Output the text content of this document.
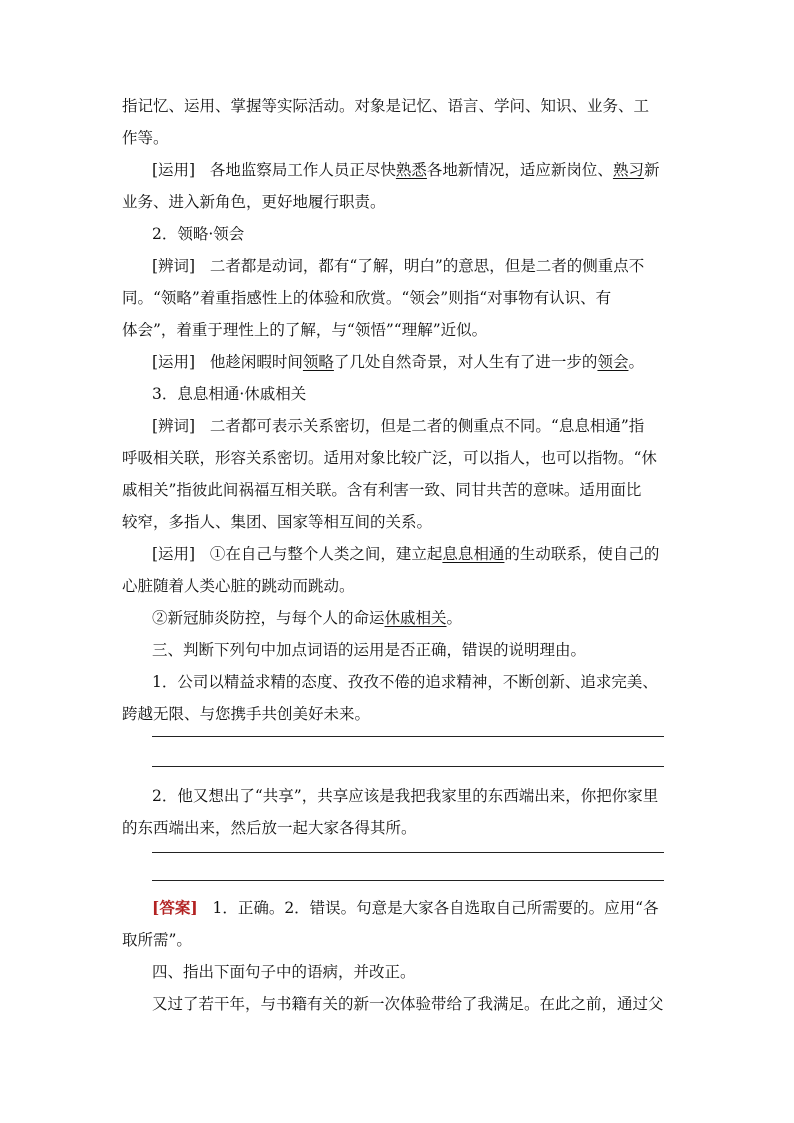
指记忆、运用、掌握等实际活动。对象是记忆、语言、学问、知识、业务、工
作等。
[运用] 各地监察局工作人员正尽快熟悉各地新情况，适应新岗位、熟习新
业务、进入新角色，更好地履行职责。
2．领略·领会
[辨词] 二者都是动词，都有“了解，明白”的意思，但是二者的侧重点不
同。“领略”着重指感性上的体验和欣赏。“领会”则指“对事物有认识、有
体会”，着重于理性上的了解，与“领悟”“理解”近似。
[运用] 他趁闲暇时间领略了几处自然奇景，对人生有了进一步的领会。
3．息息相通·休戚相关
[辨词] 二者都可表示关系密切，但是二者的侧重点不同。“息息相通”指
呼吸相关联，形容关系密切。适用对象比较广泛，可以指人，也可以指物。“休
戚相关”指彼此间祸福互相关联。含有利害一致、同甘共苦的意味。适用面比
较窄，多指人、集团、国家等相互间的关系。
[运用] ①在自己与整个人类之间，建立起息息相通的生动联系，使自己的
心脏随着人类心脏的跳动而跳动。
②新冠肺炎防控，与每个人的命运休戚相关。
三、判断下列句中加点词语的运用是否正确，错误的说明理由。
1．公司以精益求精的态度、孜孜不倦的追求精神，不断创新、追求完美、
跨越无限、与您携手共创美好未来。
2．他又想出了“共享”，共享应该是我把我家里的东西端出来，你把你家里
的东西端出来，然后放一起大家各得其所。
[答案] 1．正确。2．错误。句意是大家各自选取自己所需要的。应用“各
取所需”。
四、指出下面句子中的语病，并改正。
又过了若干年，与书籍有关的新一次体验带给了我满足。在此之前，通过父
